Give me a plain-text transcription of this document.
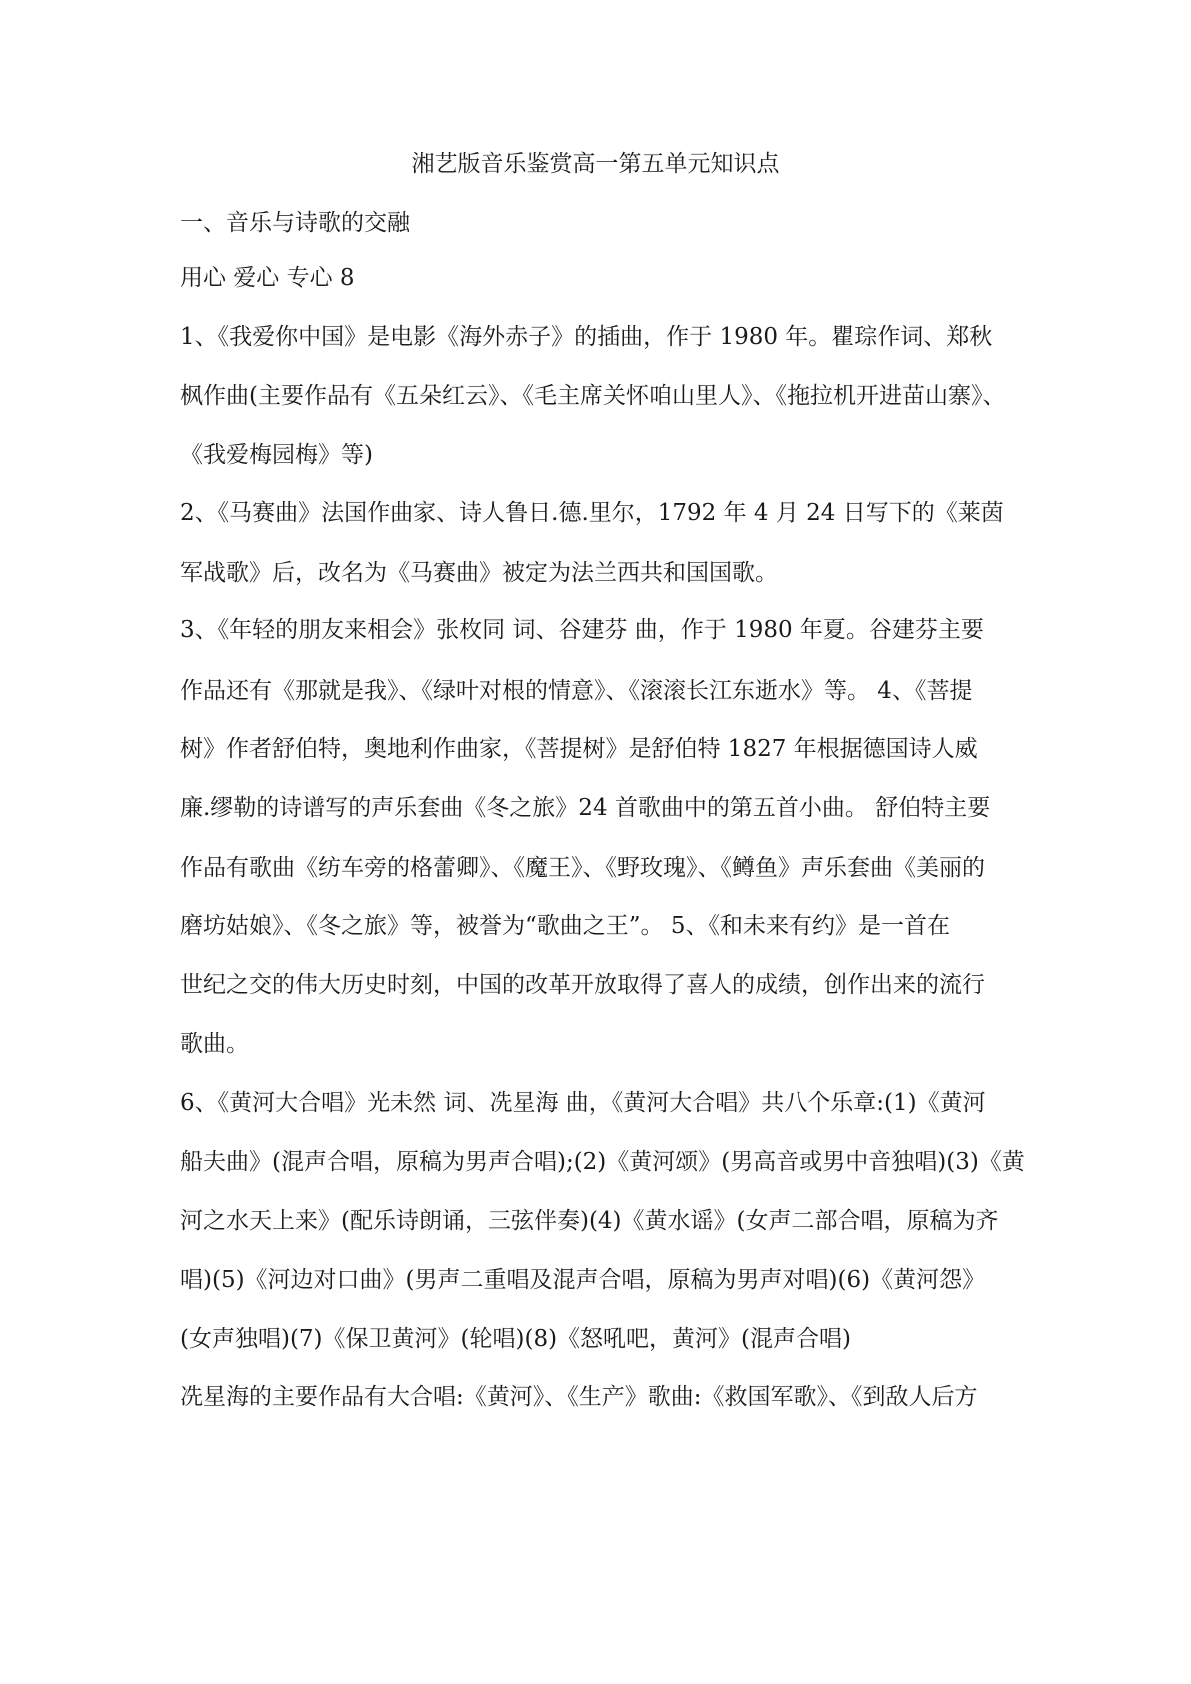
湘艺版音乐鉴赏高一第五单元知识点
一、音乐与诗歌的交融
用心 爱心 专心 8
1、《我爱你中国》是电影《海外赤子》的插曲，作于 1980 年。瞿琮作词、郑秋
枫作曲(主要作品有《五朵红云》、《毛主席关怀咱山里人》、《拖拉机开进苗山寨》、
《我爱梅园梅》等)
2、《马赛曲》法国作曲家、诗人鲁日.德.里尔，1792 年 4 月 24 日写下的《莱茵
军战歌》后，改名为《马赛曲》被定为法兰西共和国国歌。
3、《年轻的朋友来相会》张枚同 词、谷建芬 曲，作于 1980 年夏。谷建芬主要
作品还有《那就是我》、《绿叶对根的情意》、《滚滚长江东逝水》等。 4、《菩提
树》作者舒伯特，奥地利作曲家，《菩提树》是舒伯特 1827 年根据德国诗人威
廉.缪勒的诗谱写的声乐套曲《冬之旅》24 首歌曲中的第五首小曲。 舒伯特主要
作品有歌曲《纺车旁的格蕾卿》、《魔王》、《野玫瑰》、《鳟鱼》声乐套曲《美丽的
磨坊姑娘》、《冬之旅》等，被誉为“歌曲之王”。 5、《和未来有约》是一首在
世纪之交的伟大历史时刻，中国的改革开放取得了喜人的成绩，创作出来的流行
歌曲。
6、《黄河大合唱》光未然 词、冼星海 曲，《黄河大合唱》共八个乐章:(1)《黄河
船夫曲》(混声合唱，原稿为男声合唱);(2)《黄河颂》(男高音或男中音独唱)(3)《黄
河之水天上来》(配乐诗朗诵，三弦伴奏)(4)《黄水谣》(女声二部合唱，原稿为齐
唱)(5)《河边对口曲》(男声二重唱及混声合唱，原稿为男声对唱)(6)《黄河怨》
(女声独唱)(7)《保卫黄河》(轮唱)(8)《怒吼吧，黄河》(混声合唱)
冼星海的主要作品有大合唱:《黄河》、《生产》歌曲:《救国军歌》、《到敌人后方
